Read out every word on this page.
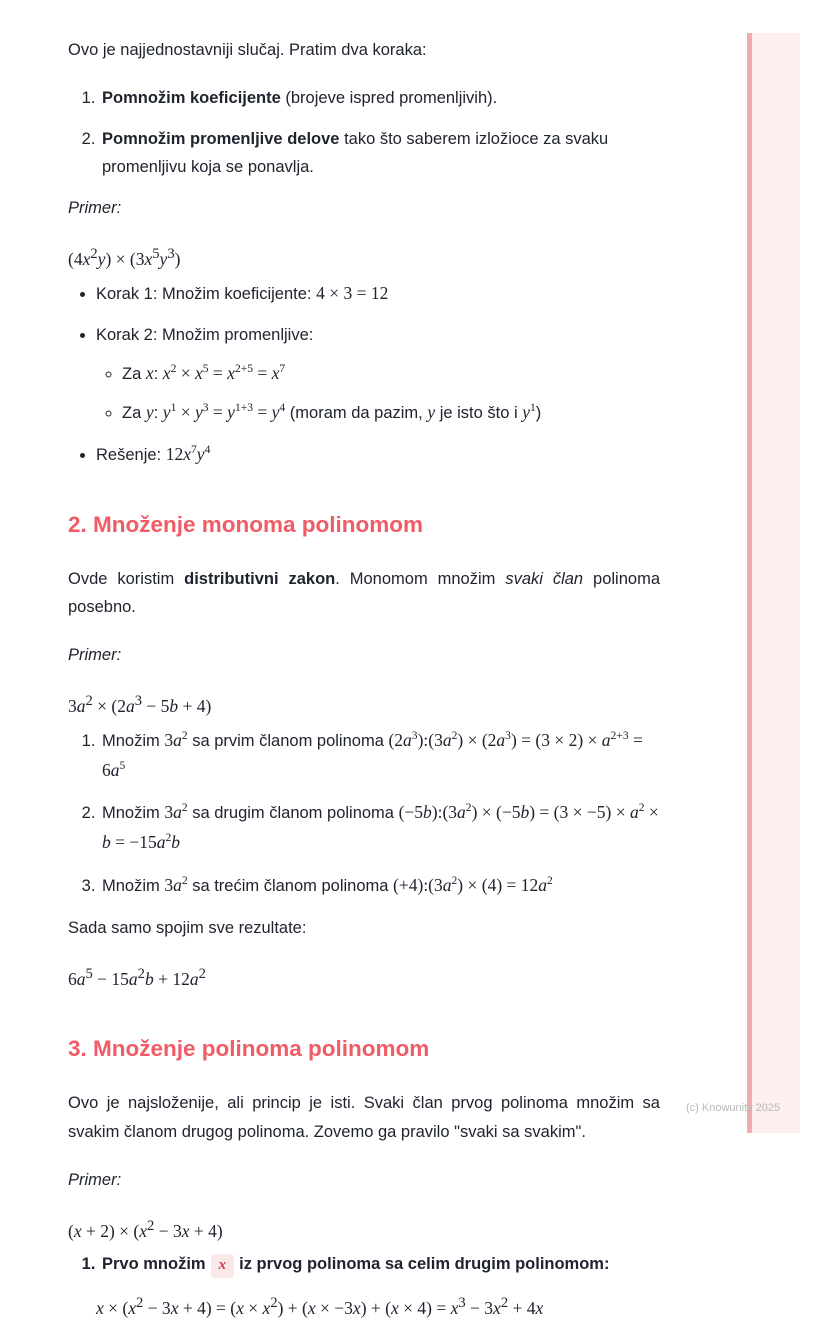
Ovo je najjednostavniji slučaj. Pratim dva koraka:

1. Pomnožim koeficijente (brojeve ispred promenljivih).
2. Pomnožim promenljive delove tako što saberem izložioce za svaku promenljivu koja se ponavlja.

Primer:

$(4x^2y) \times (3x^5y^3)$
• Korak 1: Množim koeficijente: 4 × 3 = 12
• Korak 2: Množim promenljive:
◦ Za x: $x^2 \times x^5 = x^{2+5} = x^7$
◦ Za y: $y^1 \times y^3 = y^{1+3} = y^4$ (moram da pazim, y je isto što i $y^1$)
• Rešenje: $12x^7y^4$
2. Množenje monoma polinomom

Ovde koristim distributivni zakon. Monomom množim svaki član polinoma posebno.

Primer:

$3a^2 \times (2a^3 - 5b + 4)$
1. Množim $3a^2$ sa prvim članom polinoma $(2a^3):(3a^2) \times (2a^3) = (3 \times 2) \times a^{2+3} = 6a^5$
2. Množim $3a^2$ sa drugim članom polinoma $(-5b):(3a^2) \times (-5b) = (3 \times -5) \times a^2 \times b = -15a^2b$
3. Množim $3a^2$ sa trećim članom polinoma $(+4):(3a^2) \times (4) = 12a^2$

Sada samo spojim sve rezultate:

$6a^5 - 15a^2b + 12a^2$
3. Množenje polinoma polinomom

Ovo je najsloženije, ali princip je isti. Svaki član prvog polinoma množim sa svakim članom drugog polinoma. Zovemo ga pravilo "svaki sa svakim".

Primer:

$(x + 2) \times (x^2 - 3x + 4)$
1. Prvo množim x iz prvog polinoma sa celim drugim polinomom:
$x \times (x^2 - 3x + 4) = (x \times x^2) + (x \times -3x) + (x \times 4) = x^3 - 3x^2 + 4x$
(c) Knowunity 2025
